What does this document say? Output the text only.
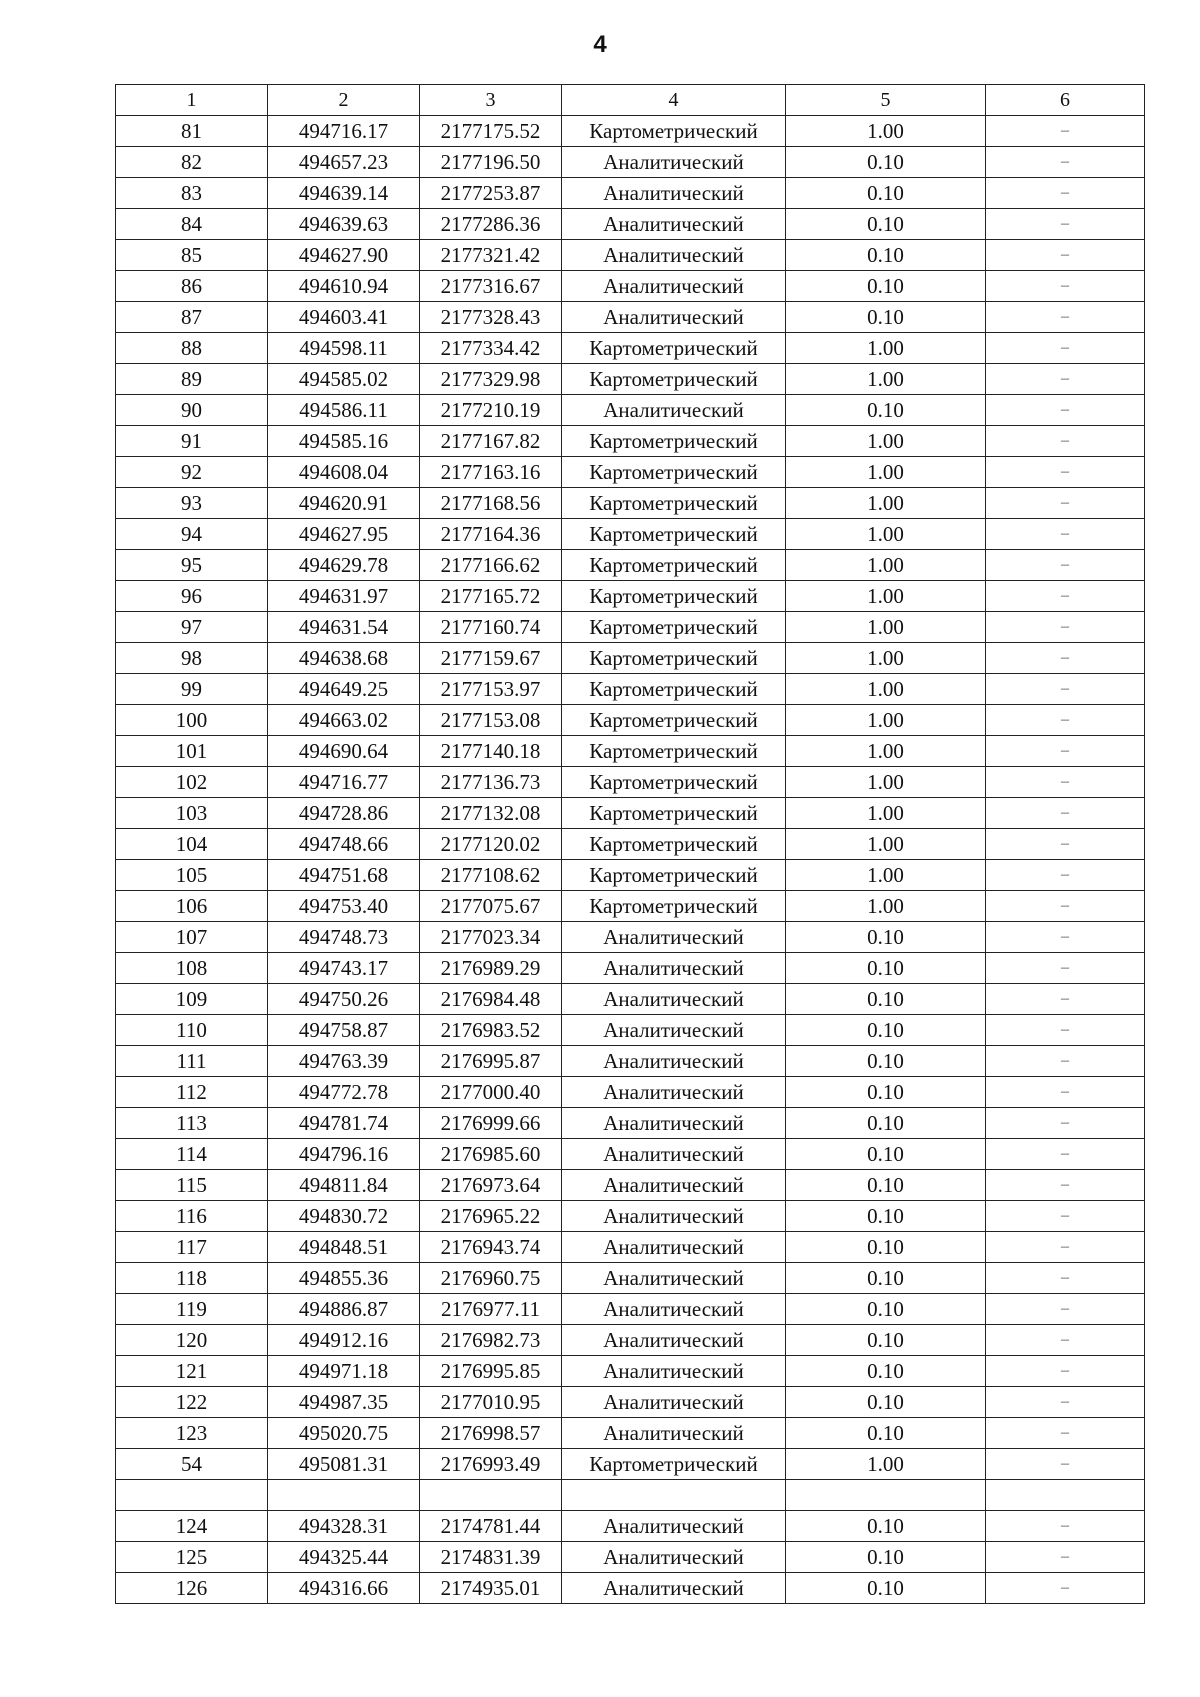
4
1	2	3	4	5	6
81	494716.17	2177175.52	Картометрический	1.00	–
82	494657.23	2177196.50	Аналитический	0.10	–
83	494639.14	2177253.87	Аналитический	0.10	–
84	494639.63	2177286.36	Аналитический	0.10	–
85	494627.90	2177321.42	Аналитический	0.10	–
86	494610.94	2177316.67	Аналитический	0.10	–
87	494603.41	2177328.43	Аналитический	0.10	–
88	494598.11	2177334.42	Картометрический	1.00	–
89	494585.02	2177329.98	Картометрический	1.00	–
90	494586.11	2177210.19	Аналитический	0.10	–
91	494585.16	2177167.82	Картометрический	1.00	–
92	494608.04	2177163.16	Картометрический	1.00	–
93	494620.91	2177168.56	Картометрический	1.00	–
94	494627.95	2177164.36	Картометрический	1.00	–
95	494629.78	2177166.62	Картометрический	1.00	–
96	494631.97	2177165.72	Картометрический	1.00	–
97	494631.54	2177160.74	Картометрический	1.00	–
98	494638.68	2177159.67	Картометрический	1.00	–
99	494649.25	2177153.97	Картометрический	1.00	–
100	494663.02	2177153.08	Картометрический	1.00	–
101	494690.64	2177140.18	Картометрический	1.00	–
102	494716.77	2177136.73	Картометрический	1.00	–
103	494728.86	2177132.08	Картометрический	1.00	–
104	494748.66	2177120.02	Картометрический	1.00	–
105	494751.68	2177108.62	Картометрический	1.00	–
106	494753.40	2177075.67	Картометрический	1.00	–
107	494748.73	2177023.34	Аналитический	0.10	–
108	494743.17	2176989.29	Аналитический	0.10	–
109	494750.26	2176984.48	Аналитический	0.10	–
110	494758.87	2176983.52	Аналитический	0.10	–
111	494763.39	2176995.87	Аналитический	0.10	–
112	494772.78	2177000.40	Аналитический	0.10	–
113	494781.74	2176999.66	Аналитический	0.10	–
114	494796.16	2176985.60	Аналитический	0.10	–
115	494811.84	2176973.64	Аналитический	0.10	–
116	494830.72	2176965.22	Аналитический	0.10	–
117	494848.51	2176943.74	Аналитический	0.10	–
118	494855.36	2176960.75	Аналитический	0.10	–
119	494886.87	2176977.11	Аналитический	0.10	–
120	494912.16	2176982.73	Аналитический	0.10	–
121	494971.18	2176995.85	Аналитический	0.10	–
122	494987.35	2177010.95	Аналитический	0.10	–
123	495020.75	2176998.57	Аналитический	0.10	–
54	495081.31	2176993.49	Картометрический	1.00	–

124	494328.31	2174781.44	Аналитический	0.10	–
125	494325.44	2174831.39	Аналитический	0.10	–
126	494316.66	2174935.01	Аналитический	0.10	–
